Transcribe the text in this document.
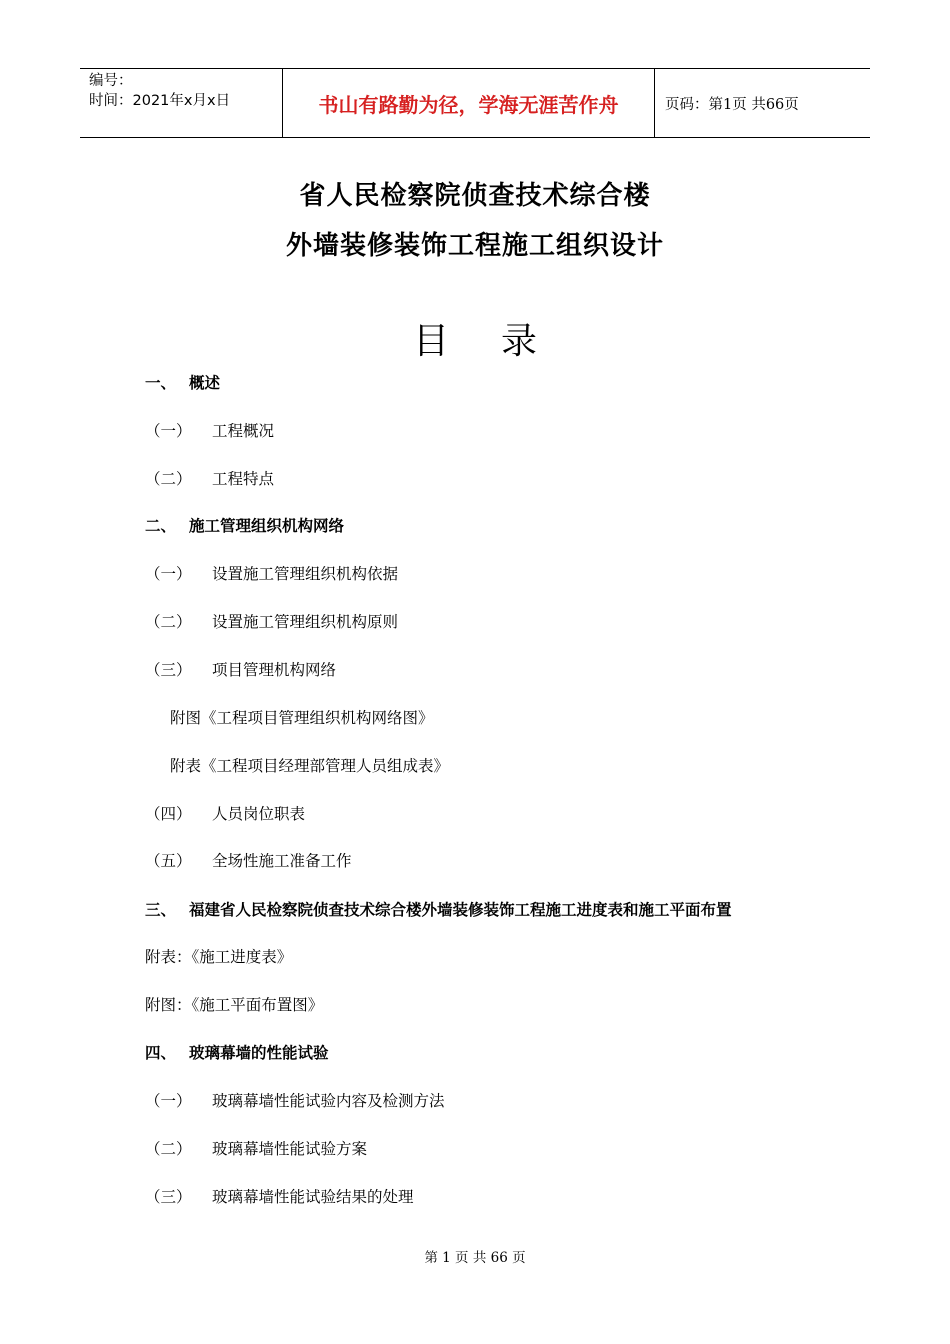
编号：
时间：2021年x月x日	书山有路勤为径，学海无涯苦作舟	页码：第1页 共66页
省人民检察院侦查技术综合楼
外墙装修装饰工程施工组织设计
目录
一、 概述
（一） 工程概况
（二） 工程特点
二、 施工管理组织机构网络
（一） 设置施工管理组织机构依据
（二） 设置施工管理组织机构原则
（三） 项目管理机构网络
附图《工程项目管理组织机构网络图》
附表《工程项目经理部管理人员组成表》
（四） 人员岗位职表
（五） 全场性施工准备工作
三、 福建省人民检察院侦查技术综合楼外墙装修装饰工程施工进度表和施工平面布置
附表：《施工进度表》
附图：《施工平面布置图》
四、 玻璃幕墙的性能试验
（一） 玻璃幕墙性能试验内容及检测方法
（二） 玻璃幕墙性能试验方案
（三） 玻璃幕墙性能试验结果的处理
第 1 页 共 66 页
